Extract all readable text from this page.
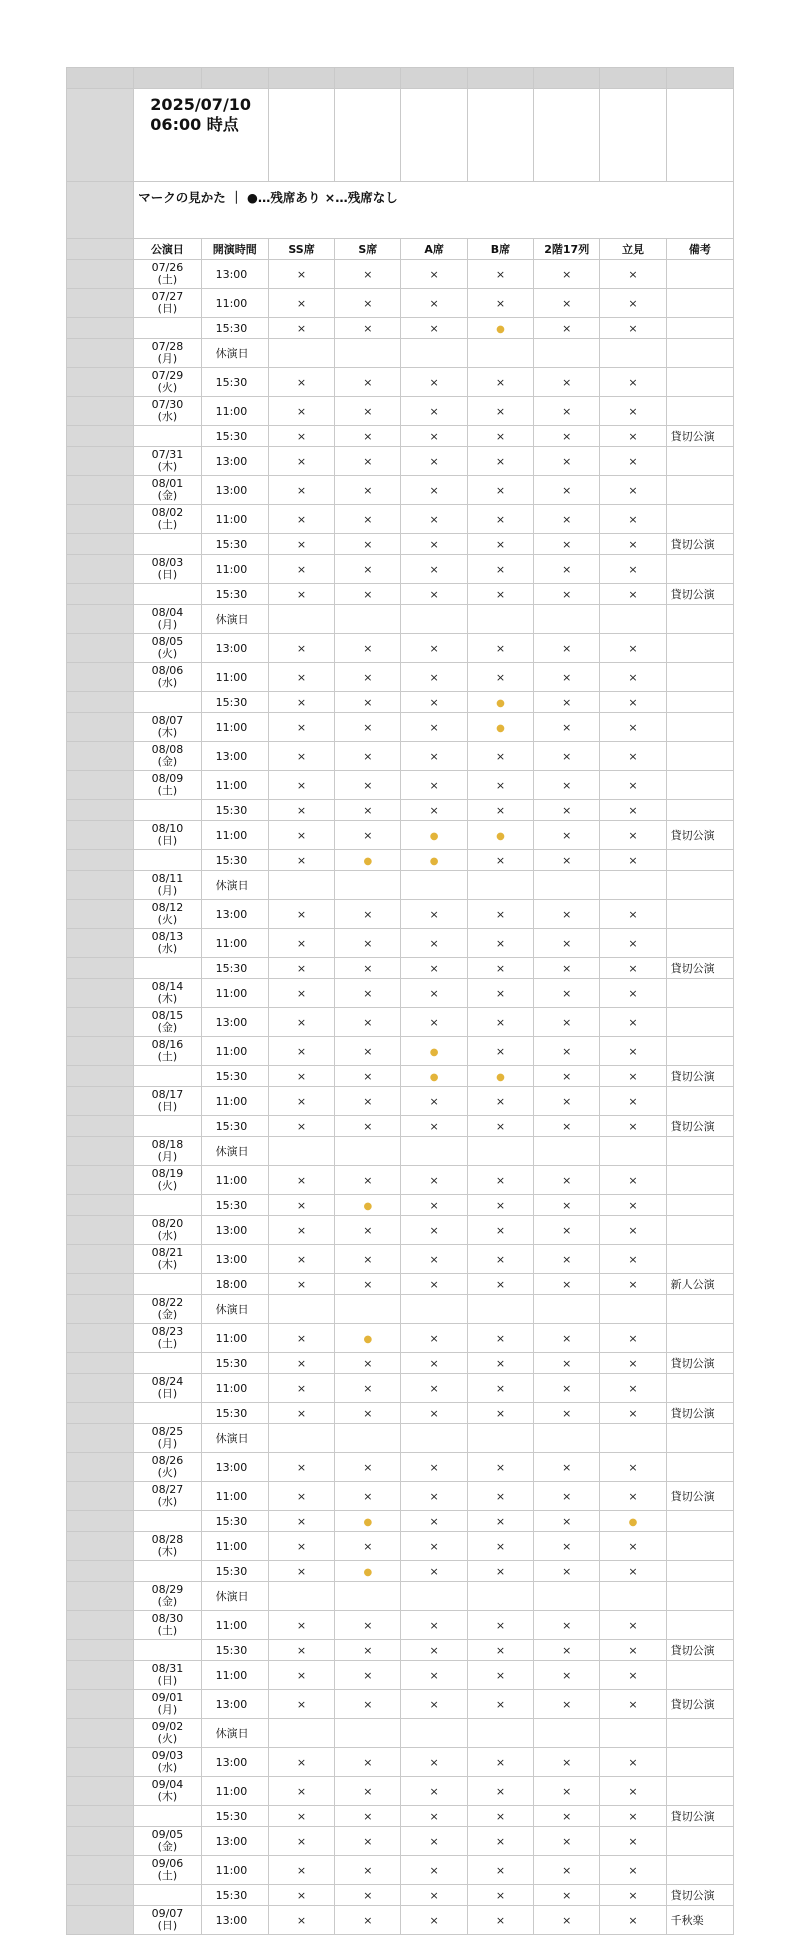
	2025/07/10
06:00 時点								

	マークの見かた ｜ ●…残席あり ×…残席なし								
	公演日	開演時間	SS席	S席	A席	B席	2階17列	立見	備考

	07/26
(土)	13:00	×	×	×	×	×	×	

	07/27
(日)	11:00	×	×	×	×	×	×	
		15:30	×	×	×	●	×	×	

	07/28
(月)	休演日							

	07/29
(火)	15:30	×	×	×	×	×	×	

	07/30
(水)	11:00	×	×	×	×	×	×	
		15:30	×	×	×	×	×	×	貸切公演

	07/31
(木)	13:00	×	×	×	×	×	×	

	08/01
(金)	13:00	×	×	×	×	×	×	

	08/02
(土)	11:00	×	×	×	×	×	×	
		15:30	×	×	×	×	×	×	貸切公演

	08/03
(日)	11:00	×	×	×	×	×	×	
		15:30	×	×	×	×	×	×	貸切公演

	08/04
(月)	休演日							

	08/05
(火)	13:00	×	×	×	×	×	×	

	08/06
(水)	11:00	×	×	×	×	×	×	
		15:30	×	×	×	●	×	×	

	08/07
(木)	11:00	×	×	×	●	×	×	

	08/08
(金)	13:00	×	×	×	×	×	×	

	08/09
(土)	11:00	×	×	×	×	×	×	
		15:30	×	×	×	×	×	×	

	08/10
(日)	11:00	×	×	●	●	×	×	貸切公演
		15:30	×	●	●	×	×	×	

	08/11
(月)	休演日							

	08/12
(火)	13:00	×	×	×	×	×	×	

	08/13
(水)	11:00	×	×	×	×	×	×	
		15:30	×	×	×	×	×	×	貸切公演

	08/14
(木)	11:00	×	×	×	×	×	×	

	08/15
(金)	13:00	×	×	×	×	×	×	

	08/16
(土)	11:00	×	×	●	×	×	×	
		15:30	×	×	●	●	×	×	貸切公演

	08/17
(日)	11:00	×	×	×	×	×	×	
		15:30	×	×	×	×	×	×	貸切公演

	08/18
(月)	休演日							

	08/19
(火)	11:00	×	×	×	×	×	×	
		15:30	×	●	×	×	×	×	

	08/20
(水)	13:00	×	×	×	×	×	×	

	08/21
(木)	13:00	×	×	×	×	×	×	
		18:00	×	×	×	×	×	×	新人公演

	08/22
(金)	休演日							

	08/23
(土)	11:00	×	●	×	×	×	×	
		15:30	×	×	×	×	×	×	貸切公演

	08/24
(日)	11:00	×	×	×	×	×	×	
		15:30	×	×	×	×	×	×	貸切公演

	08/25
(月)	休演日							

	08/26
(火)	13:00	×	×	×	×	×	×	

	08/27
(水)	11:00	×	×	×	×	×	×	貸切公演
		15:30	×	●	×	×	×	●	

	08/28
(木)	11:00	×	×	×	×	×	×	
		15:30	×	●	×	×	×	×	

	08/29
(金)	休演日							

	08/30
(土)	11:00	×	×	×	×	×	×	
		15:30	×	×	×	×	×	×	貸切公演

	08/31
(日)	11:00	×	×	×	×	×	×	

	09/01
(月)	13:00	×	×	×	×	×	×	貸切公演

	09/02
(火)	休演日							

	09/03
(水)	13:00	×	×	×	×	×	×	

	09/04
(木)	11:00	×	×	×	×	×	×	
		15:30	×	×	×	×	×	×	貸切公演

	09/05
(金)	13:00	×	×	×	×	×	×	

	09/06
(土)	11:00	×	×	×	×	×	×	
		15:30	×	×	×	×	×	×	貸切公演

	09/07
(日)	13:00	×	×	×	×	×	×	千秋楽
